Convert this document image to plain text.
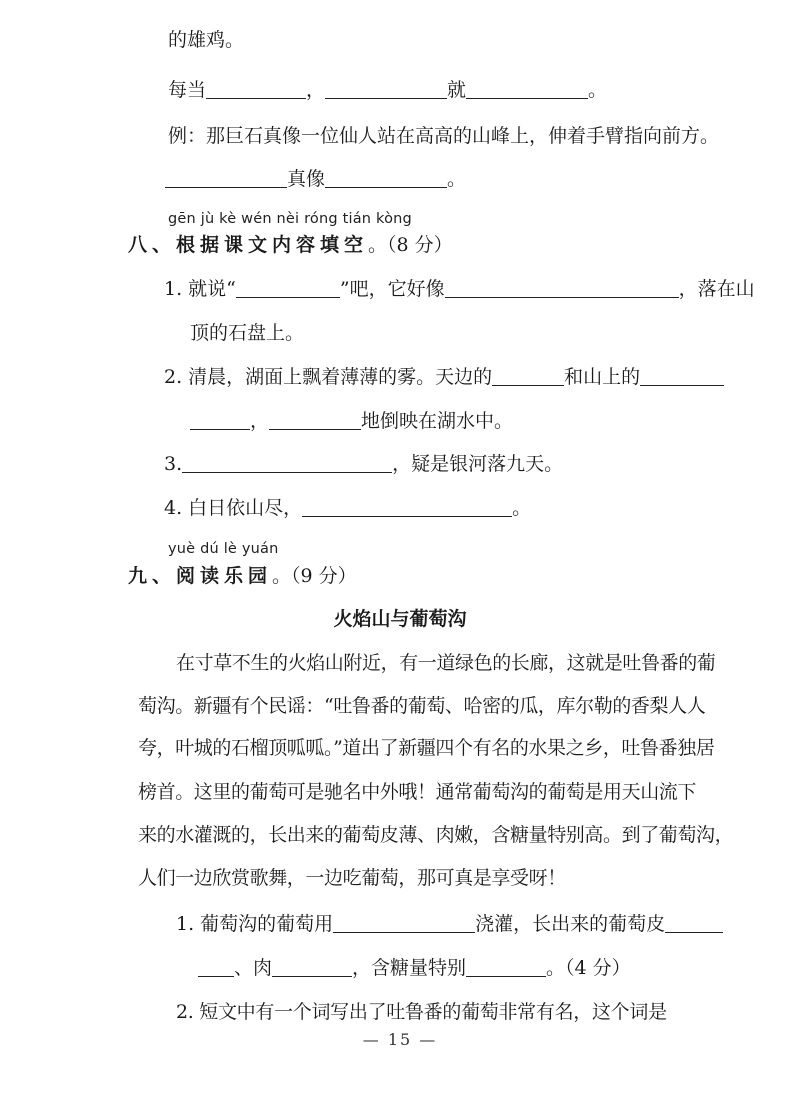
的雄鸡。
每当	，	就	。
例：那巨石真像一位仙人站在高高的山峰上，伸着手臂指向前方。
真像	。
gēn jù kè wén nèi róng tián kòng
八、根据课文内容填空。（8 分）
1. 就说“	”吧，它好像	，落在山
顶的石盘上。
2. 清晨，湖面上飘着薄薄的雾。天边的	和山上的
，	地倒映在湖水中。
3.	，疑是银河落九天。
4. 白日依山尽，	。
yuè dú lè yuán
九、阅读乐园。（9 分）
火焰山与葡萄沟
在寸草不生的火焰山附近，有一道绿色的长廊，这就是吐鲁番的葡
萄沟。新疆有个民谣：“吐鲁番的葡萄、哈密的瓜，库尔勒的香梨人人
夸，叶城的石榴顶呱呱。”道出了新疆四个有名的水果之乡，吐鲁番独居
榜首。这里的葡萄可是驰名中外哦！通常葡萄沟的葡萄是用天山流下
来的水灌溉的，长出来的葡萄皮薄、肉嫩，含糖量特别高。到了葡萄沟，
人们一边欣赏歌舞，一边吃葡萄，那可真是享受呀！
1. 葡萄沟的葡萄用	浇灌，长出来的葡萄皮
、肉	，含糖量特别	。（4 分）
2. 短文中有一个词写出了吐鲁番的葡萄非常有名，这个词是
— 15 —
